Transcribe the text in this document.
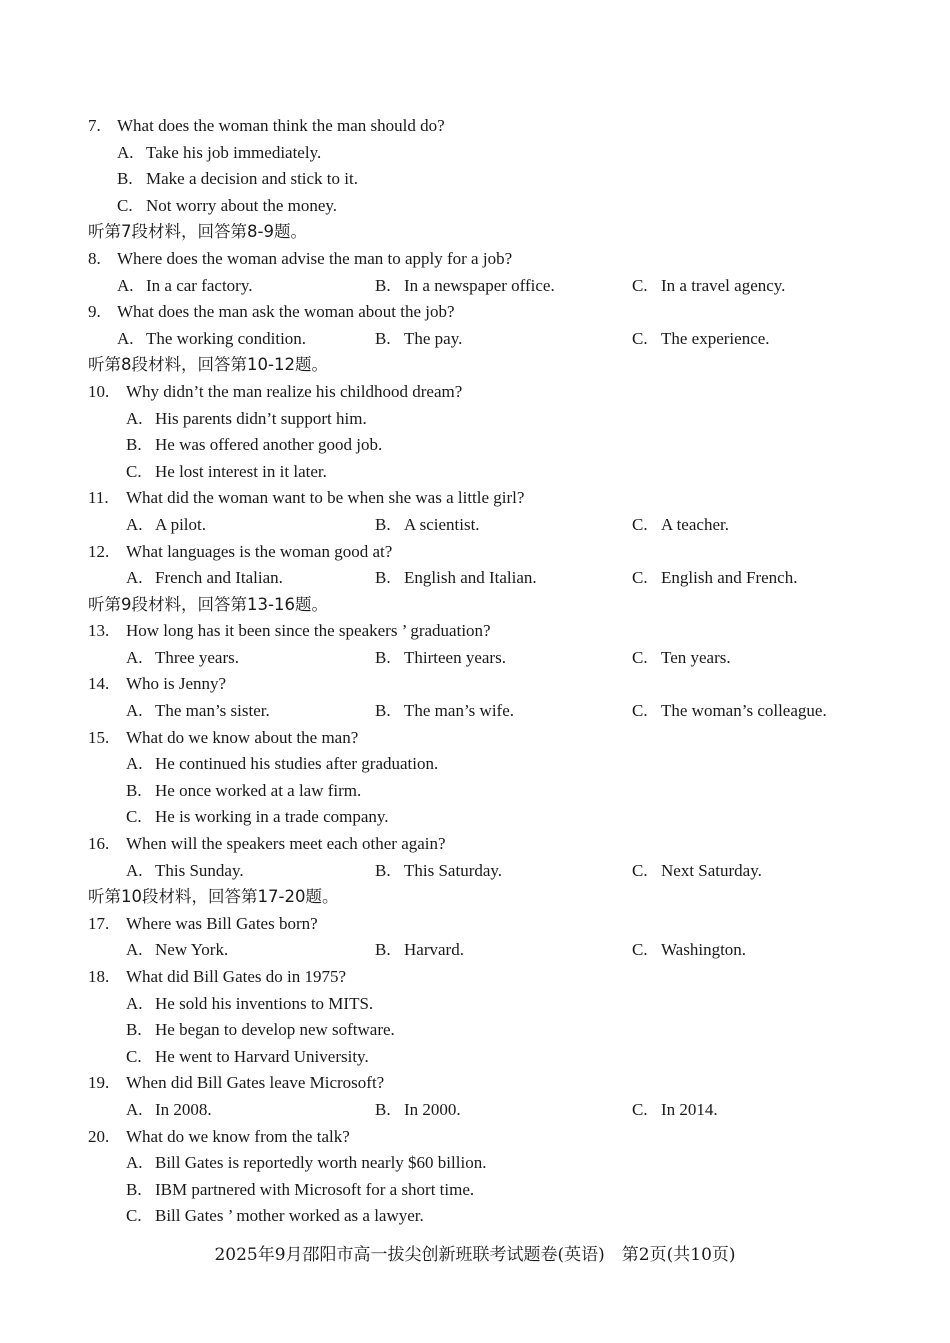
7. What does the woman think the man should do?
A. Take his job immediately.
B. Make a decision and stick to it.
C. Not worry about the money.
听第7段材料，回答第8-9题。
8. Where does the woman advise the man to apply for a job?
A. In a car factory.	B. In a newspaper office.	C. In a travel agency.
9. What does the man ask the woman about the job?
A. The working condition.	B. The pay.	C. The experience.
听第8段材料，回答第10-12题。
10. Why didn’t the man realize his childhood dream?
A. His parents didn’t support him.
B. He was offered another good job.
C. He lost interest in it later.
11. What did the woman want to be when she was a little girl?
A. A pilot.	B. A scientist.	C. A teacher.
12. What languages is the woman good at?
A. French and Italian.	B. English and Italian.	C. English and French.
听第9段材料，回答第13-16题。
13. How long has it been since the speakers ’ graduation?
A. Three years.	B. Thirteen years.	C. Ten years.
14. Who is Jenny?
A. The man’s sister.	B. The man’s wife.	C. The woman’s colleague.
15. What do we know about the man?
A. He continued his studies after graduation.
B. He once worked at a law firm.
C. He is working in a trade company.
16. When will the speakers meet each other again?
A. This Sunday.	B. This Saturday.	C. Next Saturday.
听第10段材料，回答第17-20题。
17. Where was Bill Gates born?
A. New York.	B. Harvard.	C. Washington.
18. What did Bill Gates do in 1975?
A. He sold his inventions to MITS.
B. He began to develop new software.
C. He went to Harvard University.
19. When did Bill Gates leave Microsoft?
A. In 2008.	B. In 2000.	C. In 2014.
20. What do we know from the talk?
A. Bill Gates is reportedly worth nearly $60 billion.
B. IBM partnered with Microsoft for a short time.
C. Bill Gates ’ mother worked as a lawyer.
2025年9月邵阳市高一拔尖创新班联考试题卷(英语)　第2页(共10页)
